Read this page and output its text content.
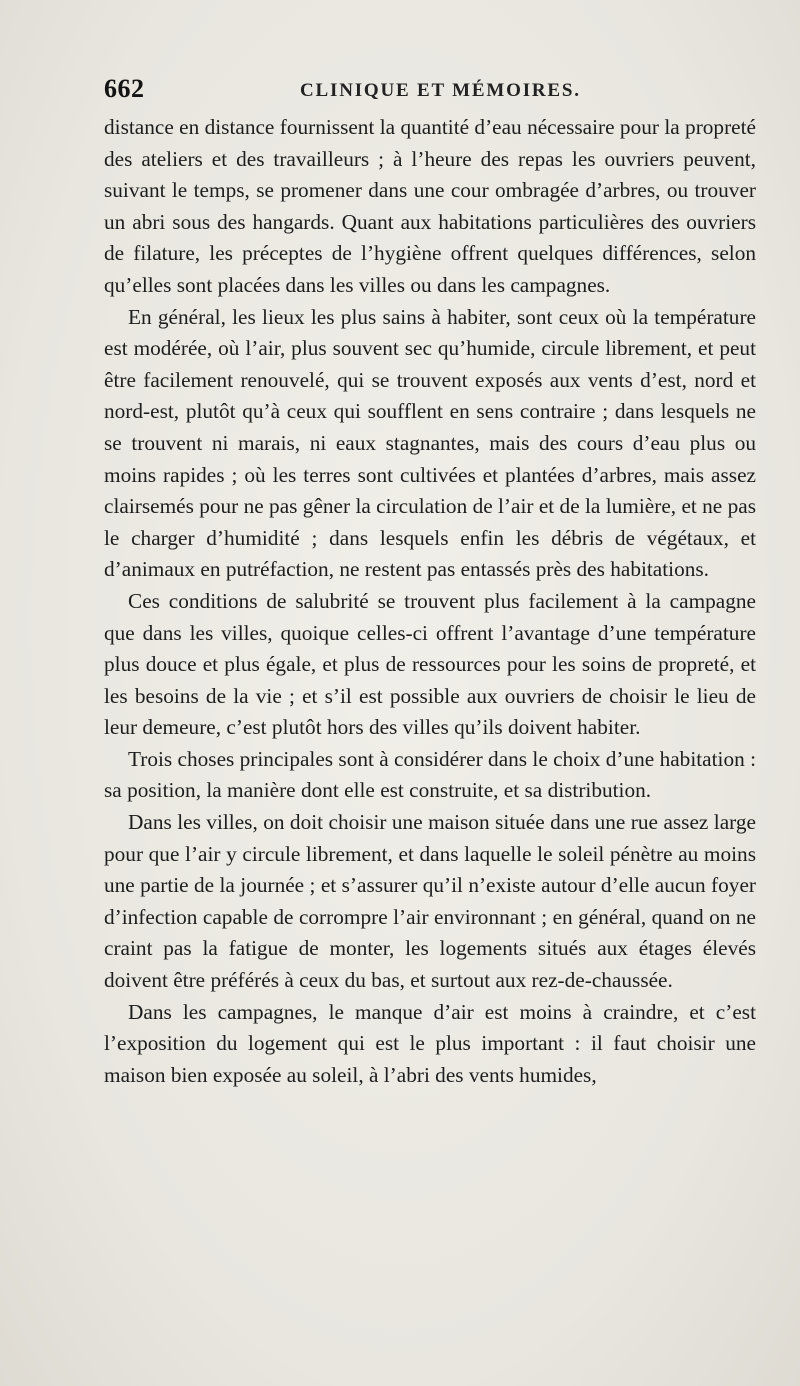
662	CLINIQUE ET MÉMOIRES.

distance en distance fournissent la quantité d’eau nécessaire pour la propreté des ateliers et des travailleurs ; à l’heure des repas les ouvriers peuvent, suivant le temps, se promener dans une cour ombragée d’arbres, ou trouver un abri sous des hangards. Quant aux habitations particulières des ouvriers de filature, les préceptes de l’hygiène offrent quelques différences, selon qu’elles sont placées dans les villes ou dans les campagnes.

En général, les lieux les plus sains à habiter, sont ceux où la température est modérée, où l’air, plus souvent sec qu’humide, circule librement, et peut être facilement renouvelé, qui se trouvent exposés aux vents d’est, nord et nord-est, plutôt qu’à ceux qui soufflent en sens contraire ; dans lesquels ne se trouvent ni marais, ni eaux stagnantes, mais des cours d’eau plus ou moins rapides ; où les terres sont cultivées et plantées d’arbres, mais assez clairsemés pour ne pas gêner la circulation de l’air et de la lumière, et ne pas le charger d’humidité ; dans lesquels enfin les débris de végétaux, et d’animaux en putréfaction, ne restent pas entassés près des habitations.

Ces conditions de salubrité se trouvent plus facilement à la campagne que dans les villes, quoique celles-ci offrent l’avantage d’une température plus douce et plus égale, et plus de ressources pour les soins de propreté, et les besoins de la vie ; et s’il est possible aux ouvriers de choisir le lieu de leur demeure, c’est plutôt hors des villes qu’ils doivent habiter.

Trois choses principales sont à considérer dans le choix d’une habitation : sa position, la manière dont elle est construite, et sa distribution.

Dans les villes, on doit choisir une maison située dans une rue assez large pour que l’air y circule librement, et dans laquelle le soleil pénètre au moins une partie de la journée ; et s’assurer qu’il n’existe autour d’elle aucun foyer d’infection capable de corrompre l’air environnant ; en général, quand on ne craint pas la fatigue de monter, les logements situés aux étages élevés doivent être préférés à ceux du bas, et surtout aux rez-de-chaussée.

Dans les campagnes, le manque d’air est moins à craindre, et c’est l’exposition du logement qui est le plus important : il faut choisir une maison bien exposée au soleil, à l’abri des vents humides,
